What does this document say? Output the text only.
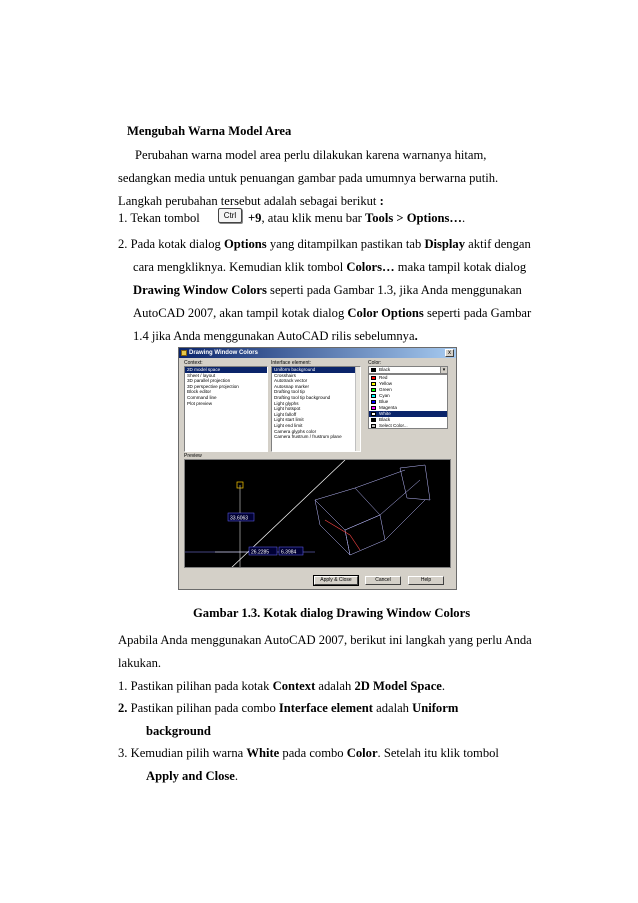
Mengubah Warna Model Area
Perubahan warna model area perlu dilakukan karena warnanya hitam,
sedangkan media untuk penuangan gambar pada umumnya berwarna putih.
Langkah perubahan tersebut adalah sebagai berikut :
1. Tekan tombol	Ctrl +9, atau klik menu bar Tools > Options….
2. Pada kotak dialog Options yang ditampilkan pastikan tab Display aktif dengan
cara mengkliknya. Kemudian klik tombol Colors… maka tampil kotak dialog
Drawing Window Colors seperti pada Gambar 1.3, jika Anda menggunakan
AutoCAD 2007, akan tampil kotak dialog Color Options seperti pada Gambar
1.4 jika Anda menggunakan AutoCAD rilis sebelumnya.
Drawing Window Colors	x
Context:
2D model space
Sheet / layout
3D parallel projection
3D perspective projection
Block editor
Command line
Plot preview
Interface element:
Uniform background
Crosshairs
Autotrack vector
Autosnap marker
Drafting tool tip
Drafting tool tip background
Light glyphs
Light hotspot
Light falloff
Light start limit
Light end limit
Camera glyphs color
Camera frustrum / frustrum plane
Color:
Black	▾
Red
Yellow
Green
Cyan
Blue
Magenta
White
Black
Select Color...
Preview
33.6063
26.2285 6.3984
Apply & Close	Cancel	Help
Gambar 1.3. Kotak dialog Drawing Window Colors
Apabila Anda menggunakan AutoCAD 2007, berikut ini langkah yang perlu Anda
lakukan.
1. Pastikan pilihan pada kotak Context adalah 2D Model Space.
2. Pastikan pilihan pada combo Interface element adalah Uniform
background
3. Kemudian pilih warna White pada combo Color. Setelah itu klik tombol
Apply and Close.
